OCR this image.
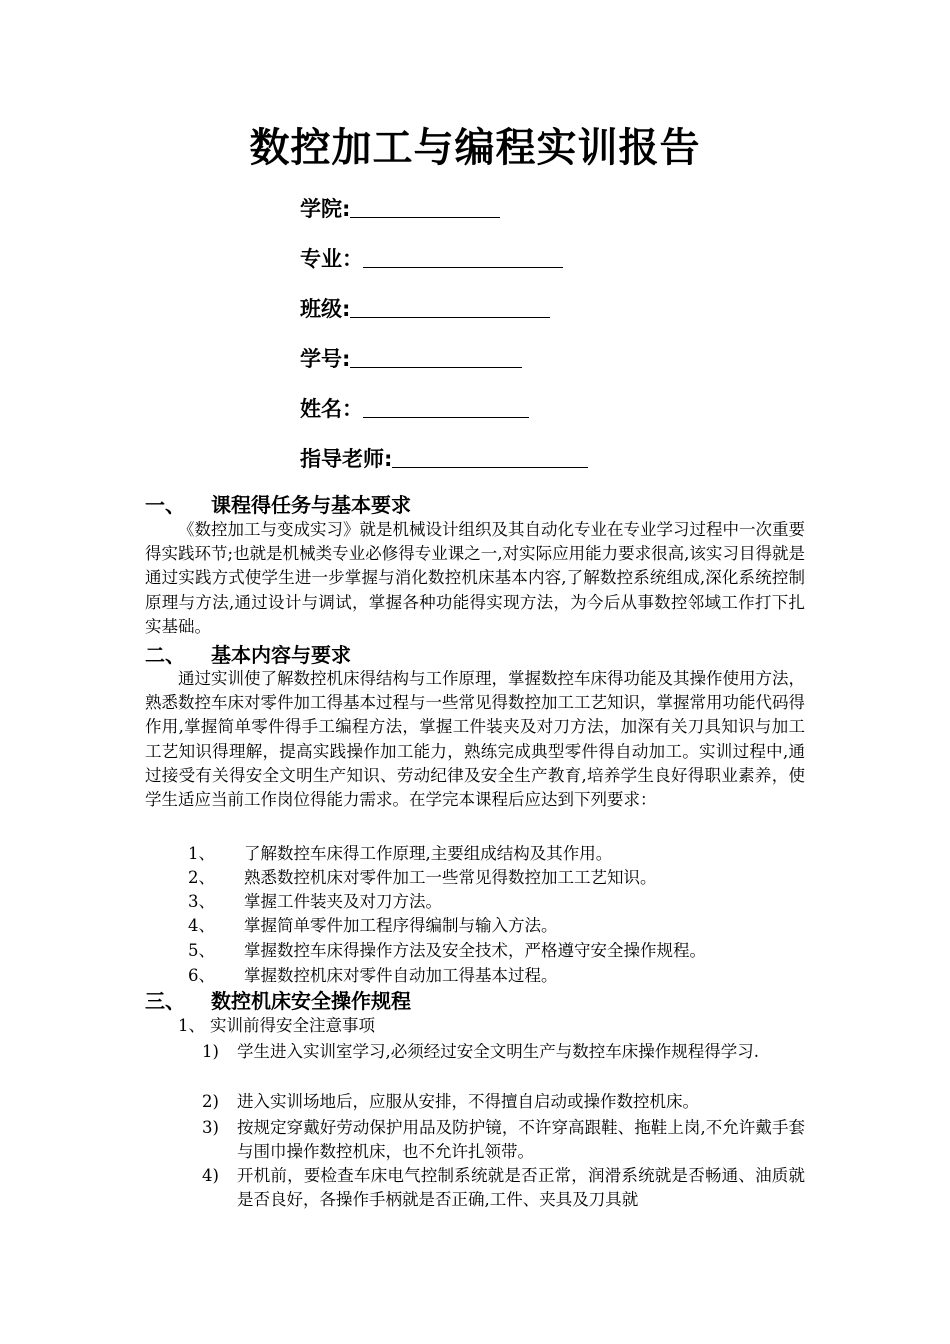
数控加工与编程实训报告
学院:
专业：
班级:
学号:
姓名：
指导老师:
一、 课程得任务与基本要求
《数控加工与变成实习》就是机械设计组织及其自动化专业在专业学习过程中一次重要得实践环节;也就是机械类专业必修得专业课之一,对实际应用能力要求很高,该实习目得就是通过实践方式使学生进一步掌握与消化数控机床基本内容,了解数控系统组成,深化系统控制原理与方法,通过设计与调试，掌握各种功能得实现方法，为今后从事数控邻域工作打下扎实基础。
二、 基本内容与要求
通过实训使了解数控机床得结构与工作原理，掌握数控车床得功能及其操作使用方法，熟悉数控车床对零件加工得基本过程与一些常见得数控加工工艺知识，掌握常用功能代码得作用,掌握简单零件得手工编程方法，掌握工件装夹及对刀方法，加深有关刀具知识与加工工艺知识得理解，提高实践操作加工能力，熟练完成典型零件得自动加工。实训过程中,通过接受有关得安全文明生产知识、劳动纪律及安全生产教育,培养学生良好得职业素养，使学生适应当前工作岗位得能力需求。在学完本课程后应达到下列要求：
1、 了解数控车床得工作原理,主要组成结构及其作用。
2、 熟悉数控机床对零件加工一些常见得数控加工工艺知识。
3、 掌握工件装夹及对刀方法。
4、 掌握简单零件加工程序得编制与输入方法。
5、 掌握数控车床得操作方法及安全技术，严格遵守安全操作规程。
6、 掌握数控机床对零件自动加工得基本过程。
三、 数控机床安全操作规程
1、 实训前得安全注意事项
1)	学生进入实训室学习,必须经过安全文明生产与数控车床操作规程得学习.
2)	进入实训场地后，应服从安排，不得擅自启动或操作数控机床。
3)	按规定穿戴好劳动保护用品及防护镜，不许穿高跟鞋、拖鞋上岗,不允许戴手套与围巾操作数控机床，也不允许扎领带。
4)	开机前，要检查车床电气控制系统就是否正常，润滑系统就是否畅通、油质就是否良好，各操作手柄就是否正确,工件、夹具及刀具就
